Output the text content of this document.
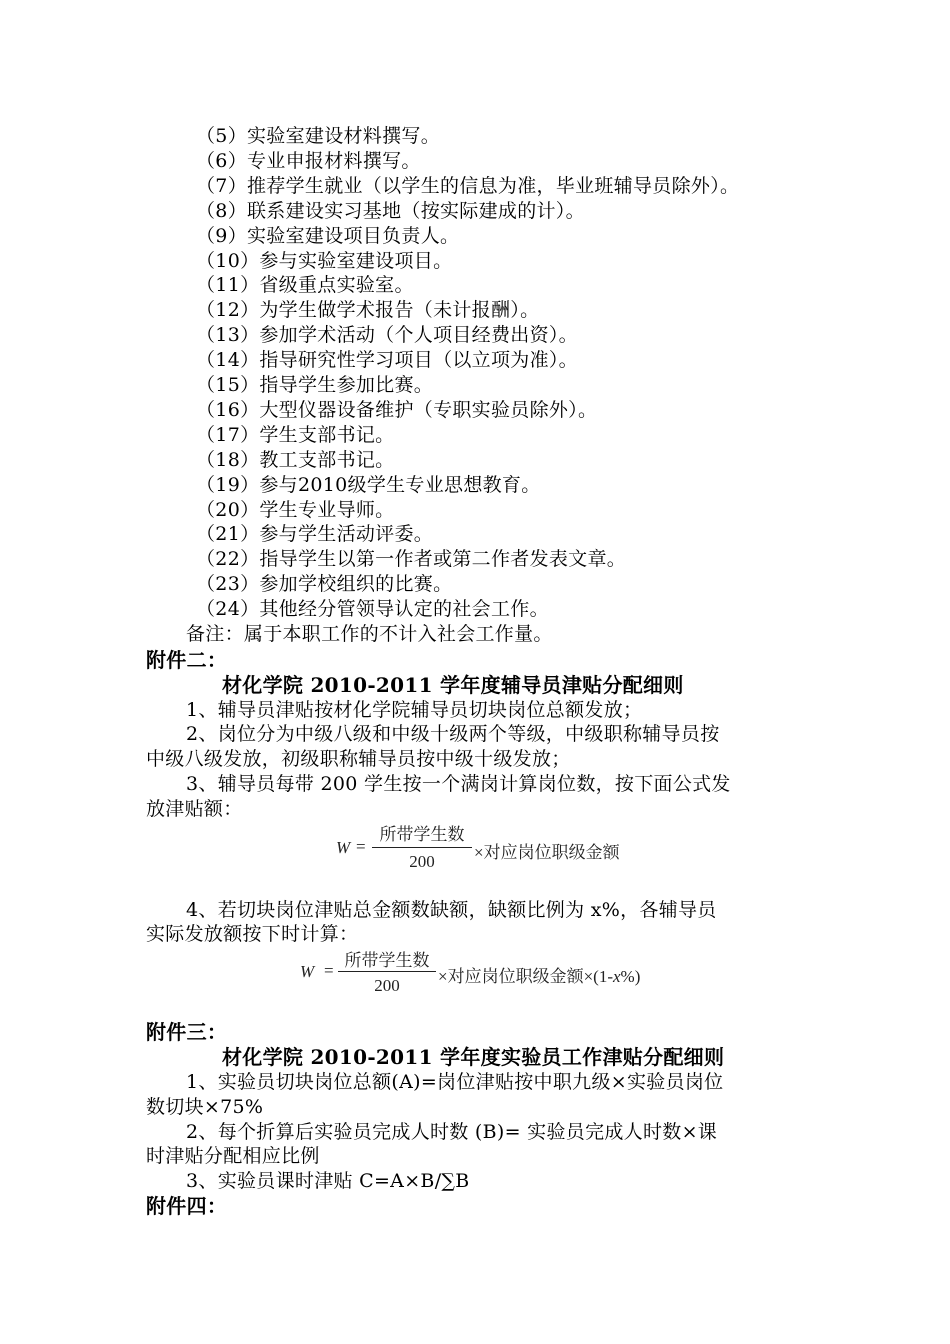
（5）实验室建设材料撰写。
（6）专业申报材料撰写。
（7）推荐学生就业（以学生的信息为准，毕业班辅导员除外）。
（8）联系建设实习基地（按实际建成的计）。
（9）实验室建设项目负责人。
（10）参与实验室建设项目。
（11）省级重点实验室。
（12）为学生做学术报告（未计报酬）。
（13）参加学术活动（个人项目经费出资）。
（14）指导研究性学习项目（以立项为准）。
（15）指导学生参加比赛。
（16）大型仪器设备维护（专职实验员除外）。
（17）学生支部书记。
（18）教工支部书记。
（19）参与2010级学生专业思想教育。
（20）学生专业导师。
（21）参与学生活动评委。
（22）指导学生以第一作者或第二作者发表文章。
（23）参加学校组织的比赛。
（24）其他经分管领导认定的社会工作。
备注：属于本职工作的不计入社会工作量。
附件二：
材化学院 2010-2011 学年度辅导员津贴分配细则
1、辅导员津贴按材化学院辅导员切块岗位总额发放；
2、岗位分为中级八级和中级十级两个等级，中级职称辅导员按
中级八级发放，初级职称辅导员按中级十级发放；
3、辅导员每带 200 学生按一个满岗计算岗位数，按下面公式发
放津贴额：
W =
所带学生数
200	×对应岗位职级金额
4、若切块岗位津贴总金额数缺额，缺额比例为 x%，各辅导员
实际发放额按下时计算：
W =
所带学生数
200	×对应岗位职级金额×(1-x%)
附件三：
材化学院 2010-2011 学年度实验员工作津贴分配细则
1、实验员切块岗位总额(A)=岗位津贴按中职九级×实验员岗位
数切块×75%
2、每个折算后实验员完成人时数 (B)= 实验员完成人时数×课
时津贴分配相应比例
3、实验员课时津贴 C=A×B/∑B
附件四：
